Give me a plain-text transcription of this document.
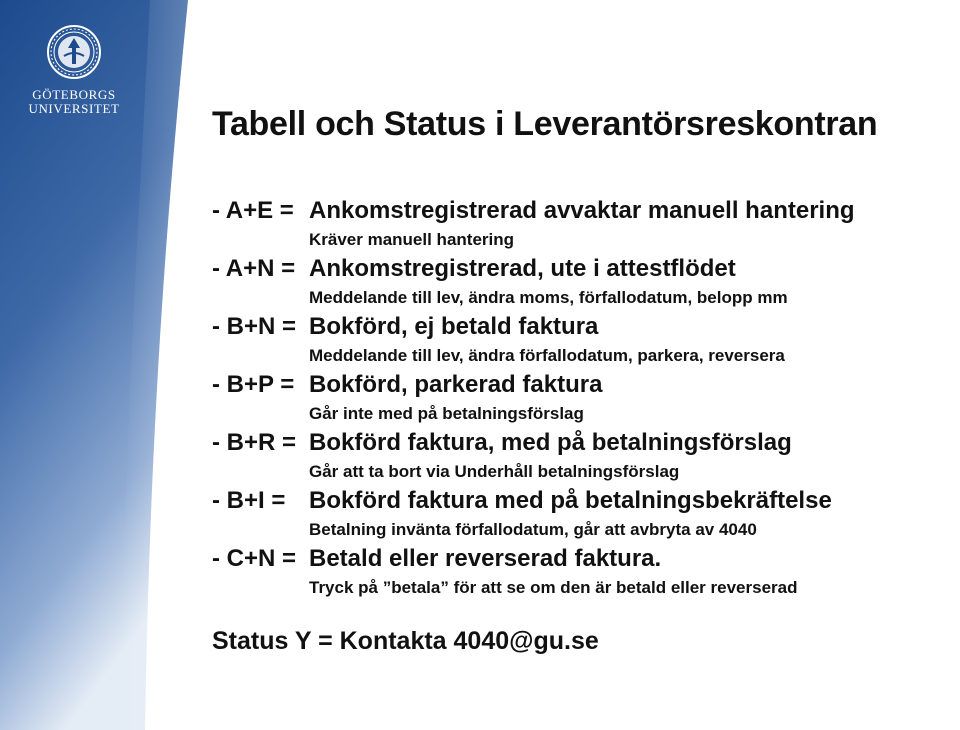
GÖTEBORGS
UNIVERSITET	Tabell och Status i Leverantörsreskontran
- A+E = Ankomstregistrerad avvaktar manuell hantering
Kräver manuell hantering
- A+N = Ankomstregistrerad, ute i attestflödet
Meddelande till lev, ändra moms, förfallodatum, belopp mm
- B+N = Bokförd, ej betald faktura
Meddelande till lev, ändra förfallodatum, parkera, reversera
- B+P = Bokförd, parkerad faktura
Går inte med på betalningsförslag
- B+R = Bokförd faktura, med på betalningsförslag
Går att ta bort via Underhåll betalningsförslag
- B+I = Bokförd faktura med på betalningsbekräftelse
Betalning invänta förfallodatum, går att avbryta av 4040
- C+N = Betald eller reverserad faktura.
Tryck på ”betala” för att se om den är betald eller reverserad
Status Y = Kontakta 4040@gu.se
